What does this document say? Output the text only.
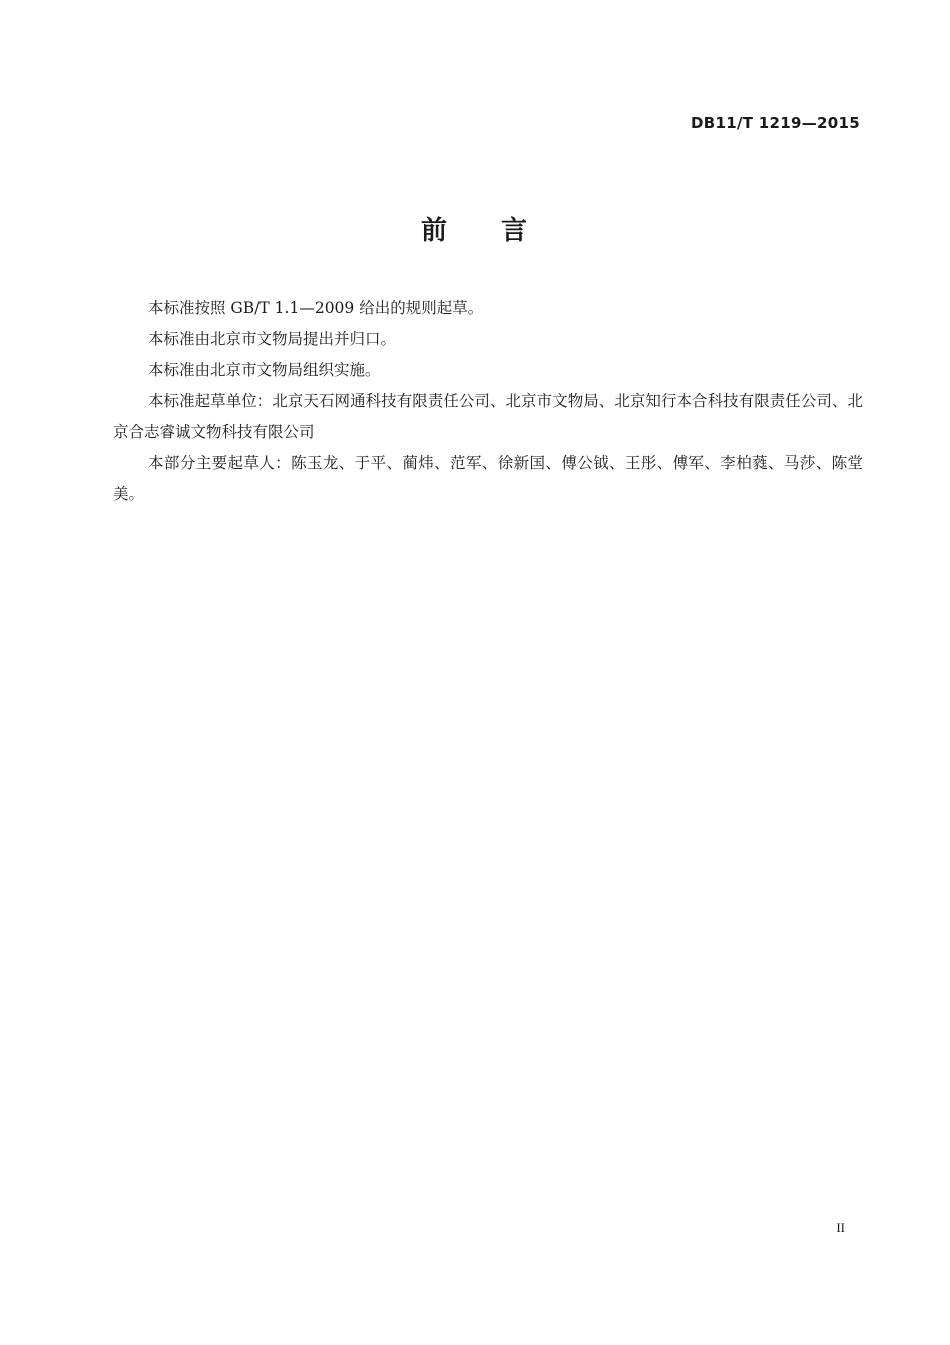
DB11/T 1219—2015
前 言

本标准按照 GB/T 1.1—2009 给出的规则起草。

本标准由北京市文物局提出并归口。

本标准由北京市文物局组织实施。

本标准起草单位：北京天石网通科技有限责任公司、北京市文物局、北京知行本合科技有限责任公司、北京合志睿诚文物科技有限公司

本部分主要起草人：陈玉龙、于平、蔺炜、范军、徐新国、傅公钺、王彤、傅军、李柏蕤、马莎、陈堂美。

II
